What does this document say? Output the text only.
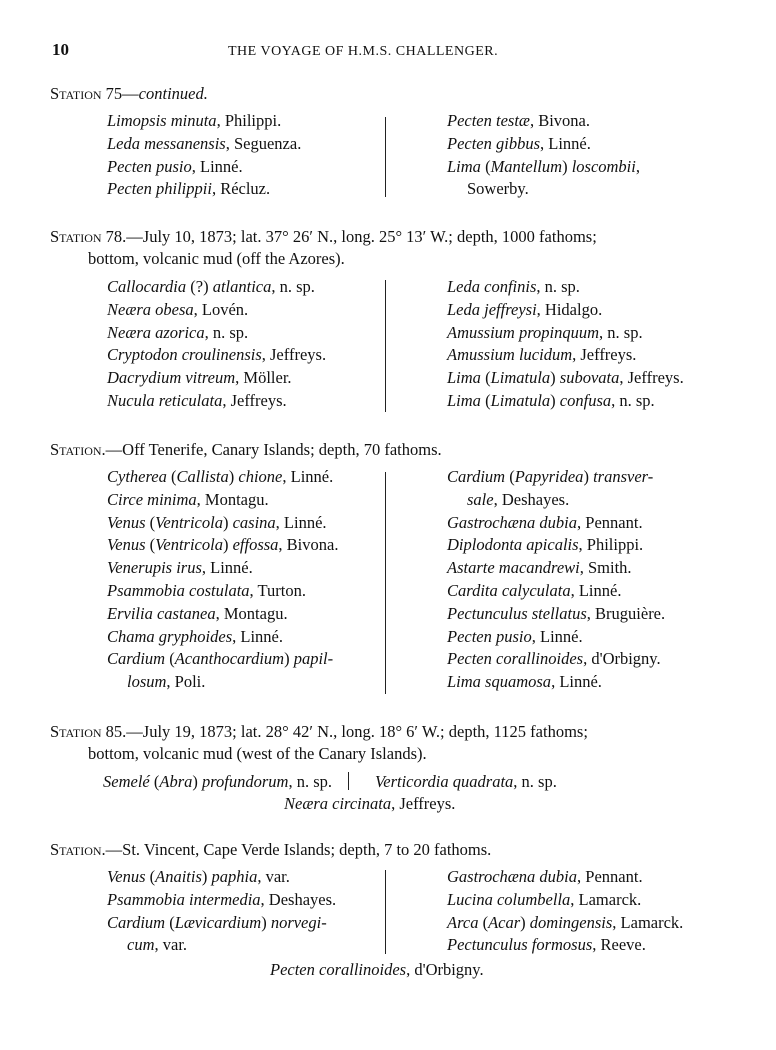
10	THE VOYAGE OF H.M.S. CHALLENGER.
Station 75—continued.
Limopsis minuta, Philippi.
Leda messanensis, Seguenza.
Pecten pusio, Linné.
Pecten philippii, Récluz.
Pecten testæ, Bivona.
Pecten gibbus, Linné.
Lima (Mantellum) loscombii,
Sowerby.
Station 78.—July 10, 1873; lat. 37° 26′ N., long. 25° 13′ W.; depth, 1000 fathoms;
bottom, volcanic mud (off the Azores).
Callocardia (?) atlantica, n. sp.
Neæra obesa, Lovén.
Neæra azorica, n. sp.
Cryptodon croulinensis, Jeffreys.
Dacrydium vitreum, Möller.
Nucula reticulata, Jeffreys.
Leda confinis, n. sp.
Leda jeffreysi, Hidalgo.
Amussium propinquum, n. sp.
Amussium lucidum, Jeffreys.
Lima (Limatula) subovata, Jeffreys.
Lima (Limatula) confusa, n. sp.
Station.—Off Tenerife, Canary Islands; depth, 70 fathoms.
Cytherea (Callista) chione, Linné.
Circe minima, Montagu.
Venus (Ventricola) casina, Linné.
Venus (Ventricola) effossa, Bivona.
Venerupis irus, Linné.
Psammobia costulata, Turton.
Ervilia castanea, Montagu.
Chama gryphoides, Linné.
Cardium (Acanthocardium) papil-
losum, Poli.
Cardium (Papyridea) transver-
sale, Deshayes.
Gastrochæna dubia, Pennant.
Diplodonta apicalis, Philippi.
Astarte macandrewi, Smith.
Cardita calyculata, Linné.
Pectunculus stellatus, Bruguière.
Pecten pusio, Linné.
Pecten corallinoides, d'Orbigny.
Lima squamosa, Linné.
Station 85.—July 19, 1873; lat. 28° 42′ N., long. 18° 6′ W.; depth, 1125 fathoms;
bottom, volcanic mud (west of the Canary Islands).
Semelé (Abra) profundorum, n. sp.	Verticordia quadrata, n. sp.
Neæra circinata, Jeffreys.
Station.—St. Vincent, Cape Verde Islands; depth, 7 to 20 fathoms.
Venus (Anaitis) paphia, var.
Psammobia intermedia, Deshayes.
Cardium (Lævicardium) norvegi-
cum, var.
Gastrochæna dubia, Pennant.
Lucina columbella, Lamarck.
Arca (Acar) domingensis, Lamarck.
Pectunculus formosus, Reeve.
Pecten corallinoides, d'Orbigny.
